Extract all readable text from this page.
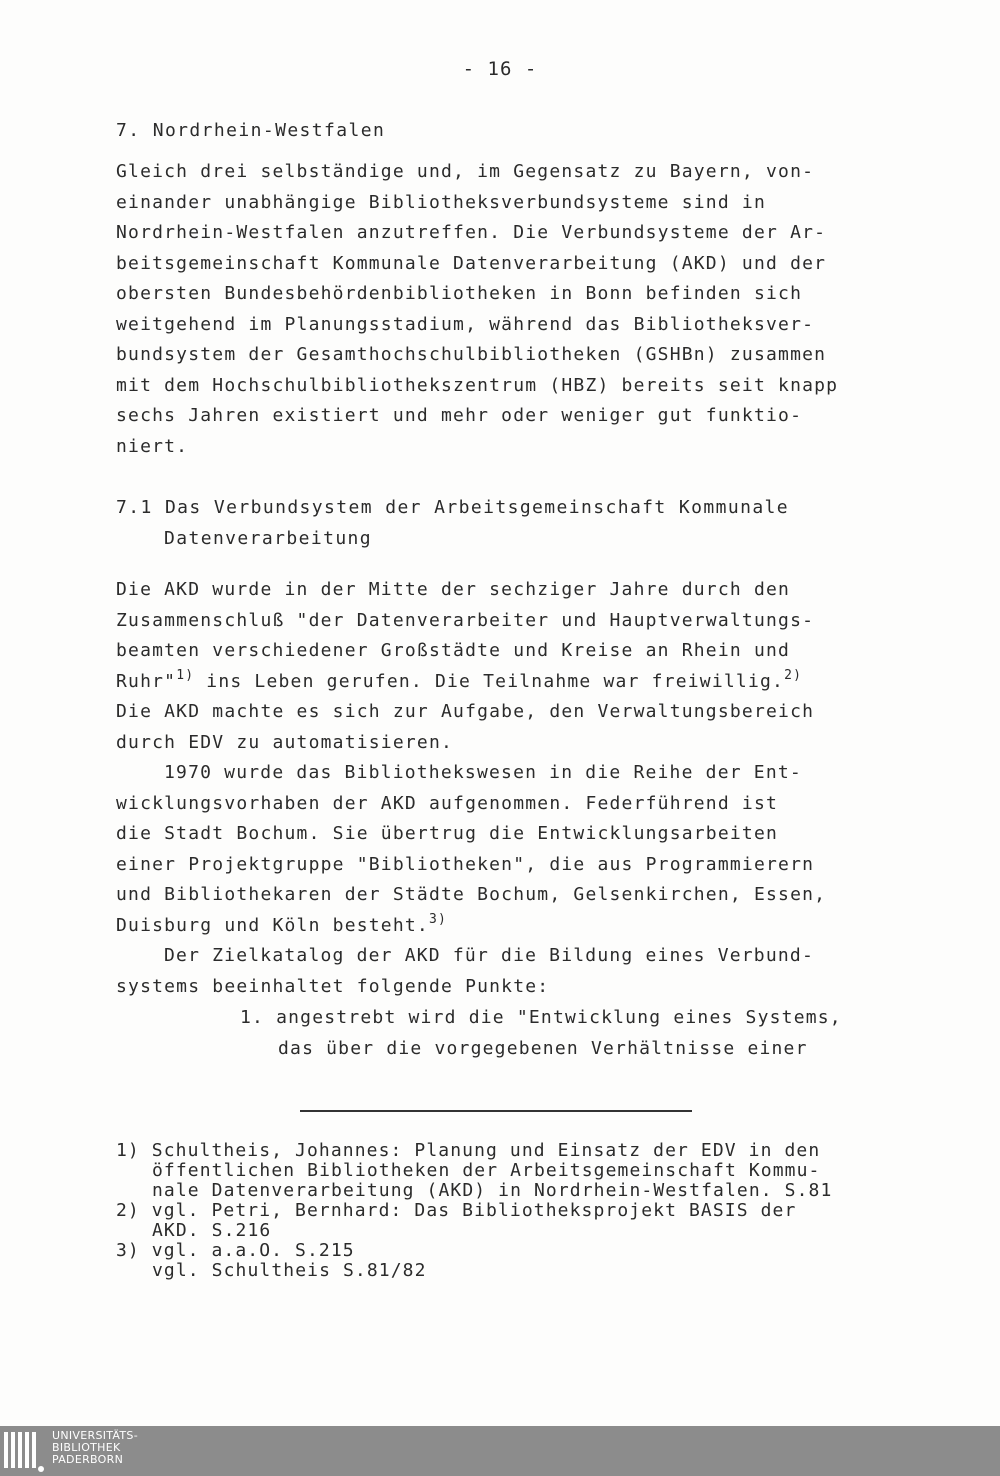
- 16 -
7. Nordrhein-Westfalen
Gleich drei selbständige und, im Gegensatz zu Bayern, von-
einander unabhängige Bibliotheksverbundsysteme sind in
Nordrhein-Westfalen anzutreffen. Die Verbundsysteme der Ar-
beitsgemeinschaft Kommunale Datenverarbeitung (AKD) und der
obersten Bundesbehördenbibliotheken in Bonn befinden sich
weitgehend im Planungsstadium, während das Bibliotheksver-
bundsystem der Gesamthochschulbibliotheken (GSHBn) zusammen
mit dem Hochschulbibliothekszentrum (HBZ) bereits seit knapp
sechs Jahren existiert und mehr oder weniger gut funktio-
niert.
7.1 Das Verbundsystem der Arbeitsgemeinschaft Kommunale
Datenverarbeitung
Die AKD wurde in der Mitte der sechziger Jahre durch den
Zusammenschluß "der Datenverarbeiter und Hauptverwaltungs-
beamten verschiedener Großstädte und Kreise an Rhein und
Ruhr"$^{1)}$ ins Leben gerufen. Die Teilnahme war freiwillig.$^{2)}$
Die AKD machte es sich zur Aufgabe, den Verwaltungsbereich
durch EDV zu automatisieren.
1970 wurde das Bibliothekswesen in die Reihe der Ent-
wicklungsvorhaben der AKD aufgenommen. Federführend ist
die Stadt Bochum. Sie übertrug die Entwicklungsarbeiten
einer Projektgruppe "Bibliotheken", die aus Programmierern
und Bibliothekaren der Städte Bochum, Gelsenkirchen, Essen,
Duisburg und Köln besteht.$^{3)}$
Der Zielkatalog der AKD für die Bildung eines Verbund-
systems beeinhaltet folgende Punkte:
1. angestrebt wird die "Entwicklung eines Systems,
das über die vorgegebenen Verhältnisse einer
1) Schultheis, Johannes: Planung und Einsatz der EDV in den
öffentlichen Bibliotheken der Arbeitsgemeinschaft Kommu-
nale Datenverarbeitung (AKD) in Nordrhein-Westfalen. S.81
2) vgl. Petri, Bernhard: Das Bibliotheksprojekt BASIS der
AKD. S.216
3) vgl. a.a.O. S.215
vgl. Schultheis S.81/82
UNIVERSITÄTS-
BIBLIOTHEK
PADERBORN
